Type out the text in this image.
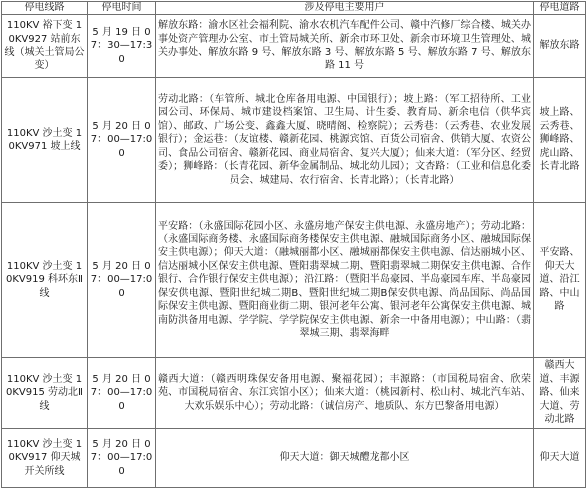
停电线路	停电时间	涉及停电主要用户	停电道路
110KV 裕下变 10KV927 站前东线（城关土管局公变）	5 月 19 日 07：30—17:30	解放东路：渝水区社会福利院、渝水农机汽车配件公司、赣中汽修厂综合楼、城关办事处资产管理办公室、市土管局城关所、新余市环卫处、新余市环境卫生管理处、城关办事处、解放东路 9 号、解放东路 3 号、解放东路 5 号、解放东路 7 号、解放东路 11 号	解放东路
110KV 沙土变 10KV971 坡上线	5 月 20 日 07：00—17:00	劳动北路：（车管所、城北仓库备用电源、中国银行）；坡上路：（军工招待所、工业园公司、环保局、城市建设档案馆、卫生局、计生委、教育局、新余电信（供华宾馆）、邮政、广场公变、鑫鑫大厦、晓晴阁、检察院）；云秀巷：（云秀巷、农业发展银行）；金运巷：（友谊楼、赣新花园、桃源宾馆、百货公司宿舍、供销大厦、农资公司、食品公司宿舍、赣新花园、商业局宿舍、复兴大厦）；仙来大道：（军分区、经贸委）；狮峰路：（长青花园、新华金属制品、城北幼儿园）；文杏路：（工业和信息化委员会、城建局、农行宿舍、长青北路）；（长青北路）	坡上路、云秀巷、狮峰路、虎山路、长青北路
110KV 沙土变 10KV919 科环东Ⅱ线	5 月 20 日 07：00—17:00	平安路：（永盛国际花园小区、永盛房地产保安主供电源、永盛房地产）；劳动北路：（永盛国际商务楼、永盛国际商务楼保安主供电源、融城国际商务小区、融城国际保安主供电源）；仰天大道：（融城丽都小区、融城丽都保安主供电源、信达丽城小区、信达丽城小区保安主供电源、暨阳翡翠城二期、暨阳翡翠城二期保安主供电源、合作银行、合作银行保安主供电源）；沿江路：（暨阳半岛豪园、半岛豪园车库、半岛豪园保安供电源、暨阳世纪城二期B、暨阳世纪城二期B保安供电源、尚品国际、尚品国际保安主供电源、暨阳商业街二期、银河老年公寓、银河老年公寓保安主供电源、城南防洪备用电源、学学院、学学院保安主供电源、新余一中备用电源）；中山路：（翡翠城三期、翡翠海畔	平安路、仰天大道、沿江路、中山路
110KV 沙土变 10KV915 劳动北Ⅱ线	5 月 20 日 07：00—17:00	赣西大道：（赣西明珠保安备用电源、聚福花园）；丰源路：（市国税局宿舍、欣荣苑、市国税局宿舍、东江宾馆小区）；仙来大道：（桃园新村、松山村、城北汽车站、大欢乐娱乐中心）；劳动北路：（诚信房产、地质队、东方巴黎备用电源）	赣西大道、丰源路、仙来大道、劳动北路
110KV 沙土变 10KV917 仰天城开关所线	5 月 20 日 07：00—17:00	仰天大道：御天城醴龙都小区	仰天大道
